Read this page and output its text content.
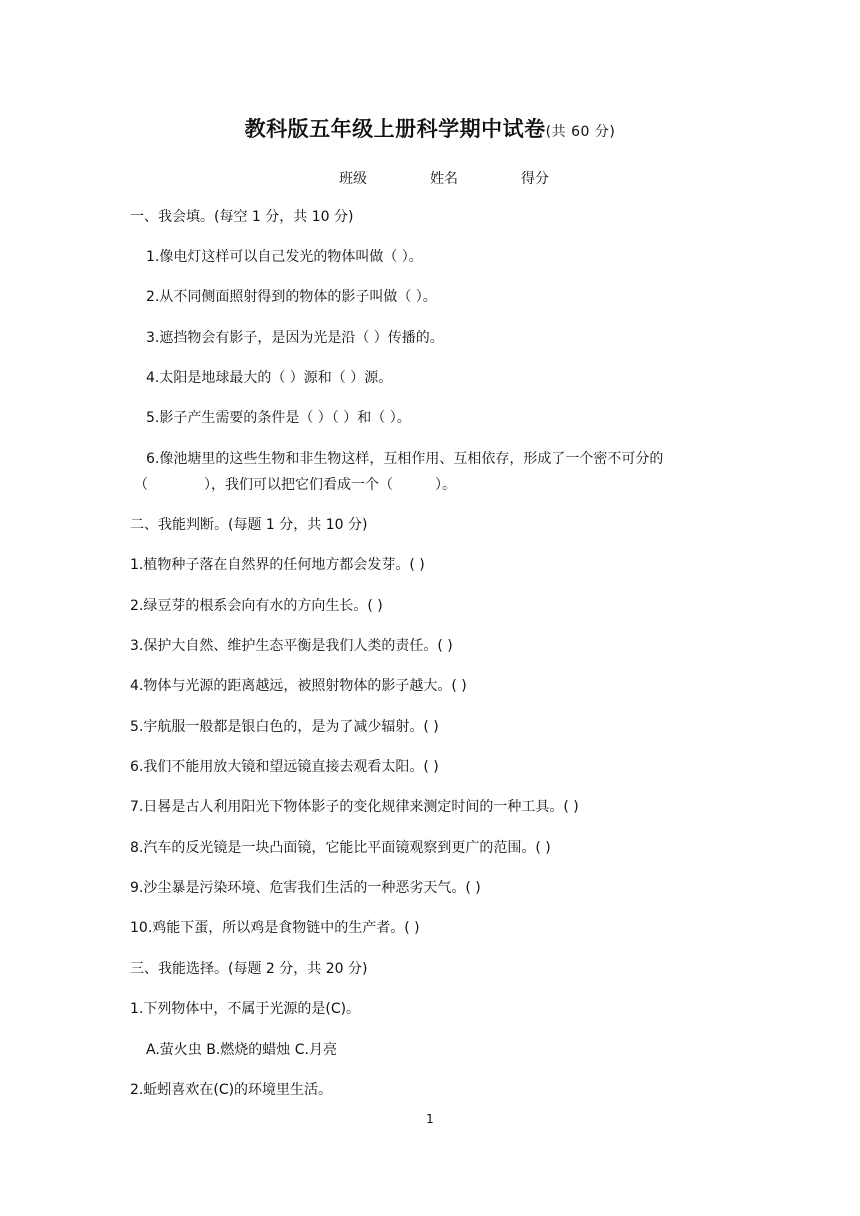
教科版五年级上册科学期中试卷(共 60 分)
班级	姓名	得分
一、我会填。(每空 1 分，共 10 分)
1.像电灯这样可以自己发光的物体叫做（ ）。
2.从不同侧面照射得到的物体的影子叫做（ ）。
3.遮挡物会有影子，是因为光是沿（ ）传播的。
4.太阳是地球最大的（ ）源和（ ）源。
5.影子产生需要的条件是（ ）（ ）和（ ）。
6.像池塘里的这些生物和非生物这样，互相作用、互相依存，形成了一个密不可分的
（　　　　），我们可以把它们看成一个（　　　）。
二、我能判断。(每题 1 分，共 10 分)
1.植物种子落在自然界的任何地方都会发芽。( )
2.绿豆芽的根系会向有水的方向生长。( )
3.保护大自然、维护生态平衡是我们人类的责任。( )
4.物体与光源的距离越远，被照射物体的影子越大。( )
5.宇航服一般都是银白色的，是为了减少辐射。( )
6.我们不能用放大镜和望远镜直接去观看太阳。( )
7.日晷是古人利用阳光下物体影子的变化规律来测定时间的一种工具。( )
8.汽车的反光镜是一块凸面镜，它能比平面镜观察到更广的范围。( )
9.沙尘暴是污染环境、危害我们生活的一种恶劣天气。( )
10.鸡能下蛋，所以鸡是食物链中的生产者。( )
三、我能选择。(每题 2 分，共 20 分)
1.下列物体中，不属于光源的是(C)。
A.萤火虫 B.燃烧的蜡烛 C.月亮
2.蚯蚓喜欢在(C)的环境里生活。
1
